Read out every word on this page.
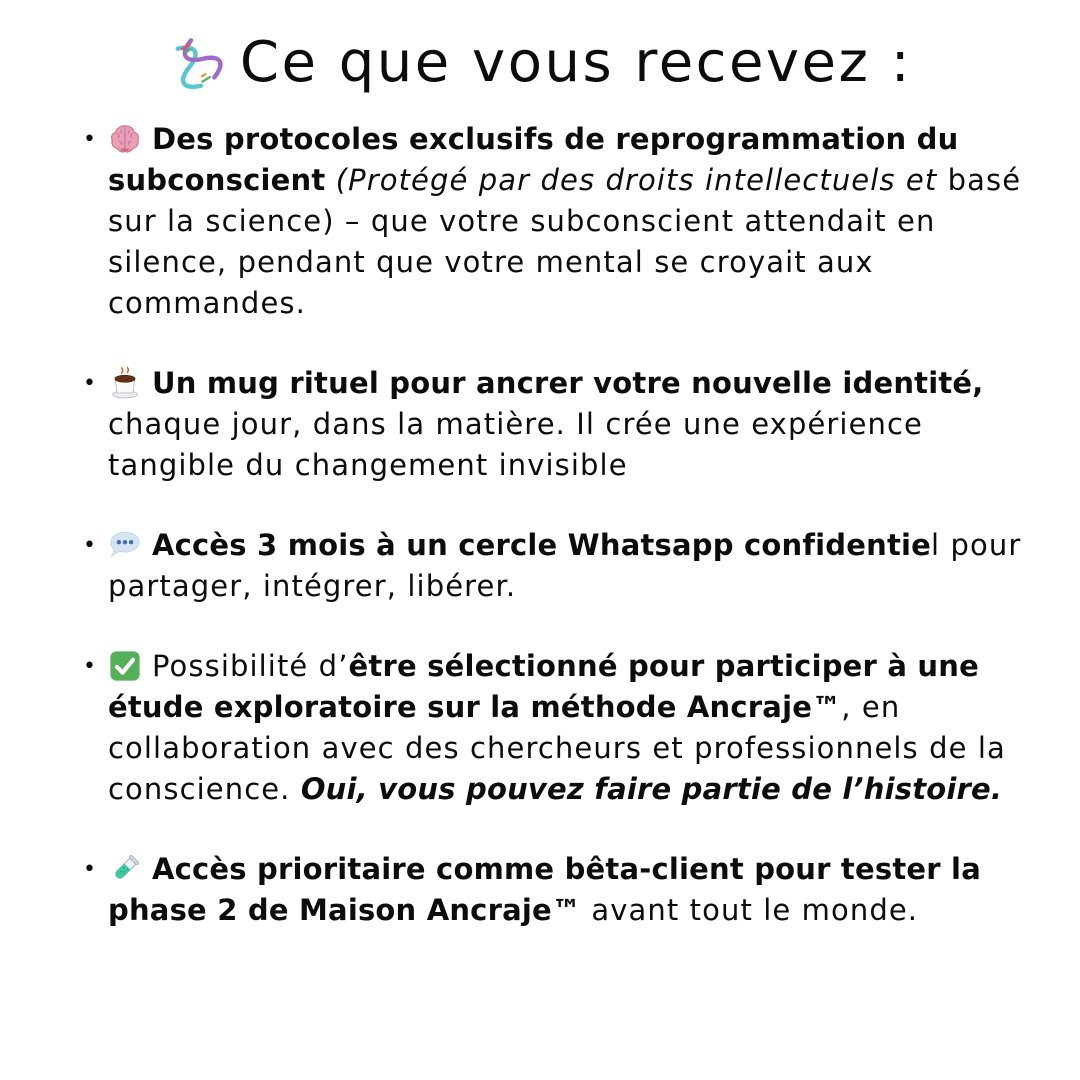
Ce que vous recevez :
• Des protocoles exclusifs de reprogrammation du subconscient (Protégé par des droits intellectuels et basé sur la science) – que votre subconscient attendait en silence, pendant que votre mental se croyait aux commandes.
• Un mug rituel pour ancrer votre nouvelle identité, chaque jour, dans la matière. Il crée une expérience tangible du changement invisible
• Accès 3 mois à un cercle Whatsapp confidentiel pour partager, intégrer, libérer.
• Possibilité d’être sélectionné pour participer à une étude exploratoire sur la méthode Ancraje™, en collaboration avec des chercheurs et professionnels de la conscience. Oui, vous pouvez faire partie de l’histoire.
• Accès prioritaire comme bêta-client pour tester la phase 2 de Maison Ancraje™ avant tout le monde.
